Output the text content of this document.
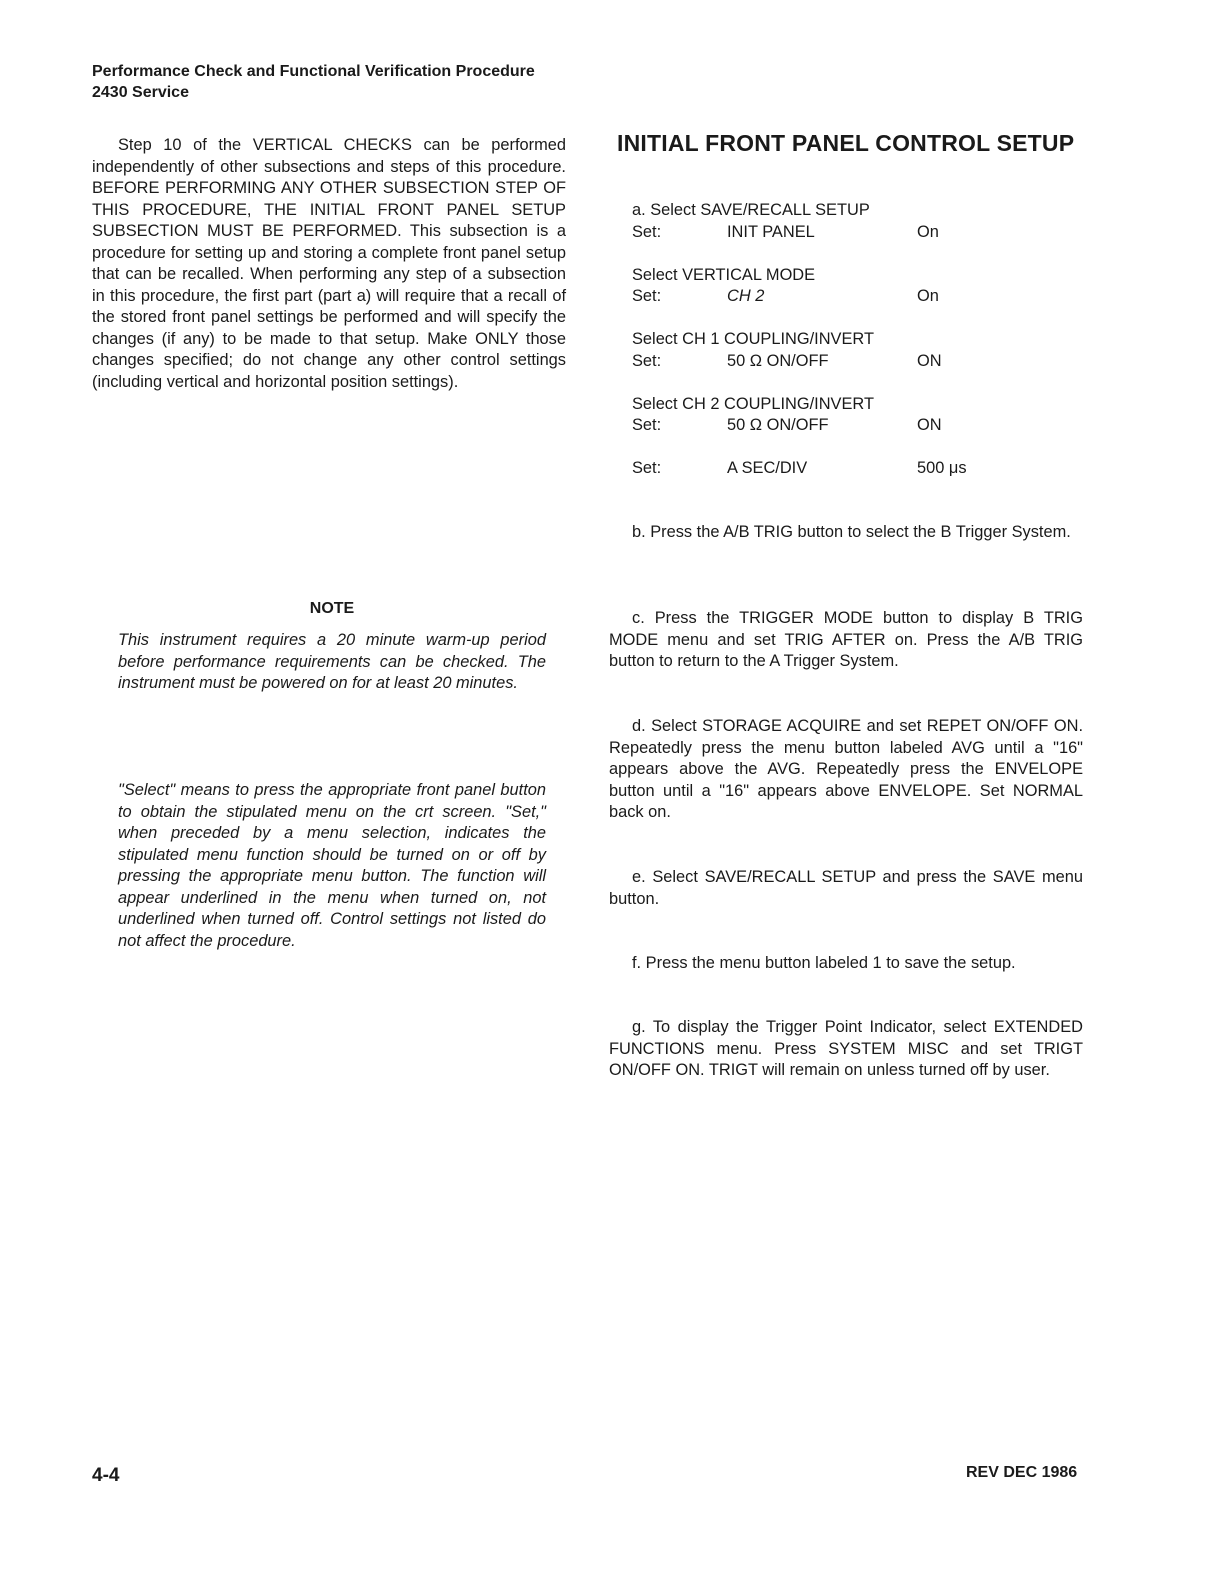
Performance Check and Functional Verification Procedure
2430 Service

Step 10 of the VERTICAL CHECKS can be performed independently of other subsections and steps of this procedure. BEFORE PERFORMING ANY OTHER SUBSECTION STEP OF THIS PROCEDURE, THE INITIAL FRONT PANEL SETUP SUBSECTION MUST BE PERFORMED. This subsection is a procedure for setting up and storing a complete front panel setup that can be recalled. When performing any step of a subsection in this procedure, the first part (part a) will require that a recall of the stored front panel settings be performed and will specify the changes (if any) to be made to that setup. Make ONLY those changes specified; do not change any other control settings (including vertical and horizontal position settings).

NOTE

This instrument requires a 20 minute warm-up period before performance requirements can be checked. The instrument must be powered on for at least 20 minutes.

"Select" means to press the appropriate front panel button to obtain the stipulated menu on the crt screen. "Set," when preceded by a menu selection, indicates the stipulated menu function should be turned on or off by pressing the appropriate menu button. The function will appear underlined in the menu when turned on, not underlined when turned off. Control settings not listed do not affect the procedure.

INITIAL FRONT PANEL CONTROL SETUP
a. Select SAVE/RECALL SETUP
Set:	INIT PANEL	On
Select VERTICAL MODE
Set:	CH 2	On
Select CH 1 COUPLING/INVERT
Set:	50 Ω ON/OFF	ON
Select CH 2 COUPLING/INVERT
Set:	50 Ω ON/OFF	ON
Set:	A SEC/DIV	500 μs

b. Press the A/B TRIG button to select the B Trigger System.

c. Press the TRIGGER MODE button to display B TRIG MODE menu and set TRIG AFTER on. Press the A/B TRIG button to return to the A Trigger System.

d. Select STORAGE ACQUIRE and set REPET ON/OFF ON. Repeatedly press the menu button labeled AVG until a "16" appears above the AVG. Repeatedly press the ENVELOPE button until a "16" appears above ENVELOPE. Set NORMAL back on.

e. Select SAVE/RECALL SETUP and press the SAVE menu button.

f. Press the menu button labeled 1 to save the setup.

g. To display the Trigger Point Indicator, select EXTENDED FUNCTIONS menu. Press SYSTEM MISC and set TRIGT ON/OFF ON. TRIGT will remain on unless turned off by user.

4-4	REV DEC 1986
